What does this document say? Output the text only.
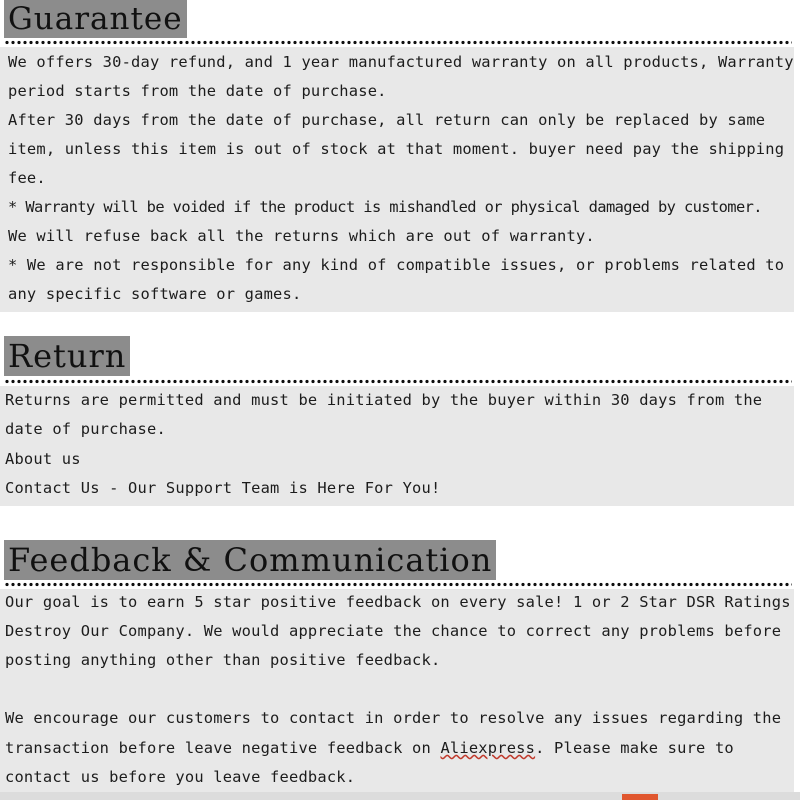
Guarantee
We offers 30-day refund, and 1 year manufactured warranty on all products, Warranty
period starts from the date of purchase.
After 30 days from the date of purchase, all return can only be replaced by same
item, unless this item is out of stock at that moment. buyer need pay the shipping
fee.
* Warranty will be voided if the product is mishandled or physical damaged by customer.
We will refuse back all the returns which are out of warranty.
* We are not responsible for any kind of compatible issues, or problems related to
any specific software or games.
Return
Returns are permitted and must be initiated by the buyer within 30 days from the
date of purchase.
About us
Contact Us - Our Support Team is Here For You!
Feedback & Communication
Our goal is to earn 5 star positive feedback on every sale! 1 or 2 Star DSR Ratings
Destroy Our Company. We would appreciate the chance to correct any problems before
posting anything other than positive feedback.
We encourage our customers to contact in order to resolve any issues regarding the
transaction before leave negative feedback on Aliexpress. Please make sure to
contact us before you leave feedback.
